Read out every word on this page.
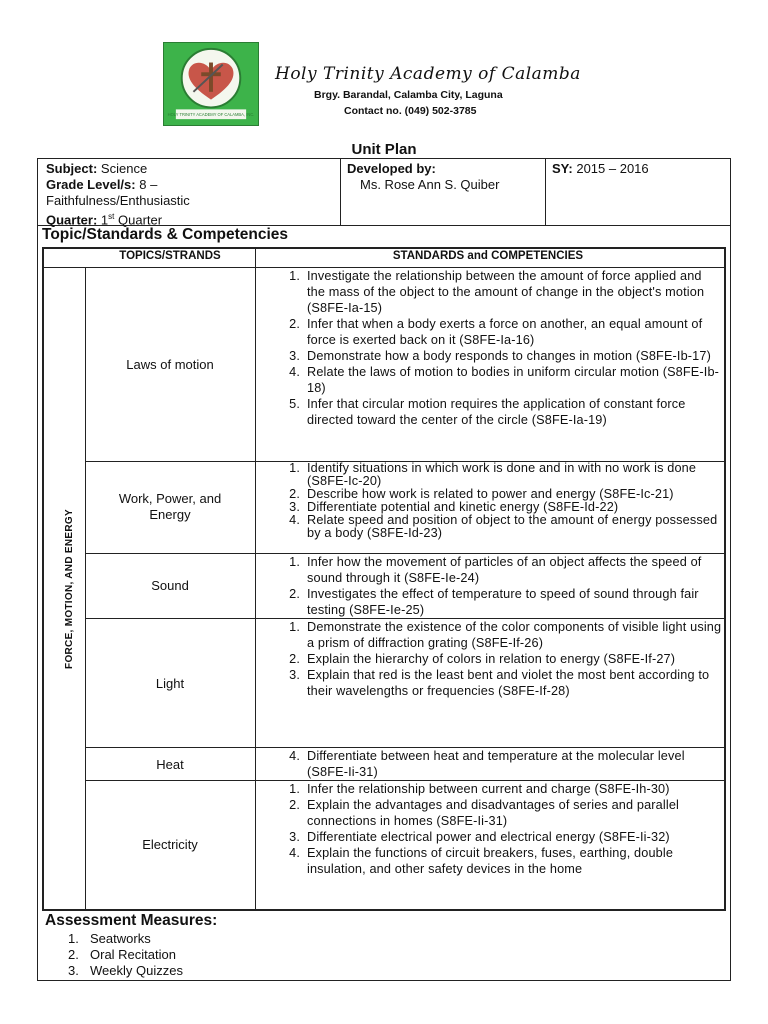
HOLY TRINITY ACADEMY OF CALAMBA, INC.
Holy Trinity Academy of Calamba
Brgy. Barandal, Calamba City, Laguna
Contact no. (049) 502-3785
Unit Plan
Subject: Science
Grade Level/s: 8 –
Faithfulness/Enthusiastic
Quarter: 1st Quarter
Developed by:
Ms. Rose Ann S. Quiber
SY: 2015 – 2016
Topic/Standards & Competencies
TOPICS/STRANDS	STANDARDS and COMPETENCIES
FORCE, MOTION, AND ENERGY
Laws of motion
Work, Power, and Energy
Sound
Light
Heat
Electricity
1. Investigate the relationship between the amount of force applied and the mass of the object to the amount of change in the object's motion (S8FE-Ia-15)
2. Infer that when a body exerts a force on another, an equal amount of force is exerted back on it (S8FE-Ia-16)
3. Demonstrate how a body responds to changes in motion (S8FE-Ib-17)
4. Relate the laws of motion to bodies in uniform circular motion (S8FE-Ib-18)
5. Infer that circular motion requires the application of constant force directed toward the center of the circle (S8FE-Ia-19)
1. Identify situations in which work is done and in with no work is done (S8FE-Ic-20)
2. Describe how work is related to power and energy (S8FE-Ic-21)
3. Differentiate potential and kinetic energy (S8FE-Id-22)
4. Relate speed and position of object to the amount of energy possessed by a body (S8FE-Id-23)
1. Infer how the movement of particles of an object affects the speed of sound through it (S8FE-Ie-24)
2. Investigates the effect of temperature to speed of sound through fair testing (S8FE-Ie-25)
1. Demonstrate the existence of the color components of visible light using a prism of diffraction grating (S8FE-If-26)
2. Explain the hierarchy of colors in relation to energy (S8FE-If-27)
3. Explain that red is the least bent and violet the most bent according to their wavelengths or frequencies (S8FE-If-28)
4. Differentiate between heat and temperature at the molecular level (S8FE-Ii-31)
1. Infer the relationship between current and charge (S8FE-Ih-30)
2. Explain the advantages and disadvantages of series and parallel connections in homes (S8FE-Ii-31)
3. Differentiate electrical power and electrical energy (S8FE-Ii-32)
4. Explain the functions of circuit breakers, fuses, earthing, double insulation, and other safety devices in the home
Assessment Measures:
1. Seatworks
2. Oral Recitation
3. Weekly Quizzes
